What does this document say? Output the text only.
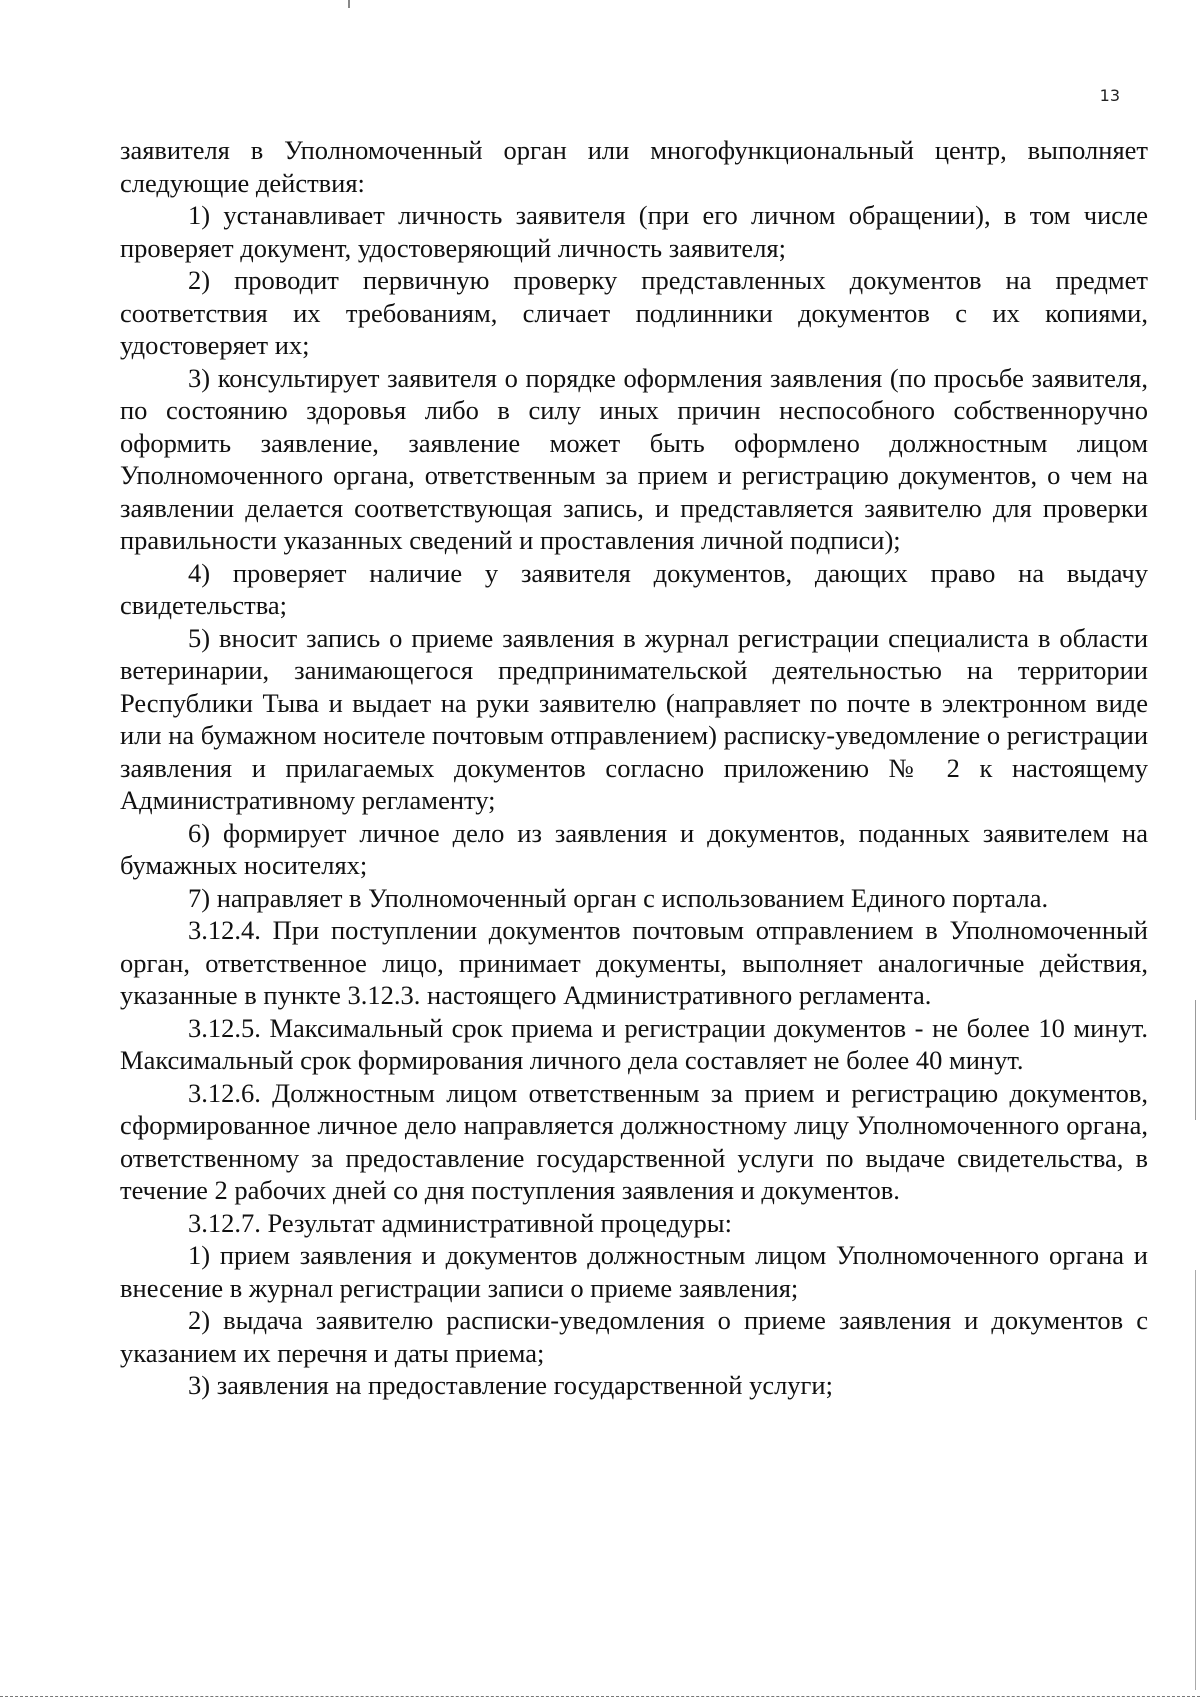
13

заявителя в Уполномоченный орган или многофункциональный центр, выполняет следующие действия:

1) устанавливает личность заявителя (при его личном обращении), в том числе проверяет документ, удостоверяющий личность заявителя;

2) проводит первичную проверку представленных документов на предмет соответствия их требованиям, сличает подлинники документов с их копиями, удостоверяет их;

3) консультирует заявителя о порядке оформления заявления (по просьбе заявителя, по состоянию здоровья либо в силу иных причин неспособного собственноручно оформить заявление, заявление может быть оформлено должностным лицом Уполномоченного органа, ответственным за прием и регистрацию документов, о чем на заявлении делается соответствующая запись, и представляется заявителю для проверки правильности указанных сведений и проставления личной подписи);

4) проверяет наличие у заявителя документов, дающих право на выдачу свидетельства;

5) вносит запись о приеме заявления в журнал регистрации специалиста в области ветеринарии, занимающегося предпринимательской деятельностью на территории Республики Тыва и выдает на руки заявителю (направляет по почте в электронном виде или на бумажном носителе почтовым отправлением) расписку-уведомление о регистрации заявления и прилагаемых документов согласно приложению № 2 к настоящему Административному регламенту;

6) формирует личное дело из заявления и документов, поданных заявителем на бумажных носителях;

7) направляет в Уполномоченный орган с использованием Единого портала.

3.12.4. При поступлении документов почтовым отправлением в Уполномоченный орган, ответственное лицо, принимает документы, выполняет аналогичные действия, указанные в пункте 3.12.3. настоящего Административного регламента.

3.12.5. Максимальный срок приема и регистрации документов - не более 10 минут. Максимальный срок формирования личного дела составляет не более 40 минут.

3.12.6. Должностным лицом ответственным за прием и регистрацию документов, сформированное личное дело направляется должностному лицу Уполномоченного органа, ответственному за предоставление государственной услуги по выдаче свидетельства, в течение 2 рабочих дней со дня поступления заявления и документов.

3.12.7. Результат административной процедуры:

1) прием заявления и документов должностным лицом Уполномоченного органа и внесение в журнал регистрации записи о приеме заявления;

2) выдача заявителю расписки-уведомления о приеме заявления и документов с указанием их перечня и даты приема;

3) заявления на предоставление государственной услуги;
